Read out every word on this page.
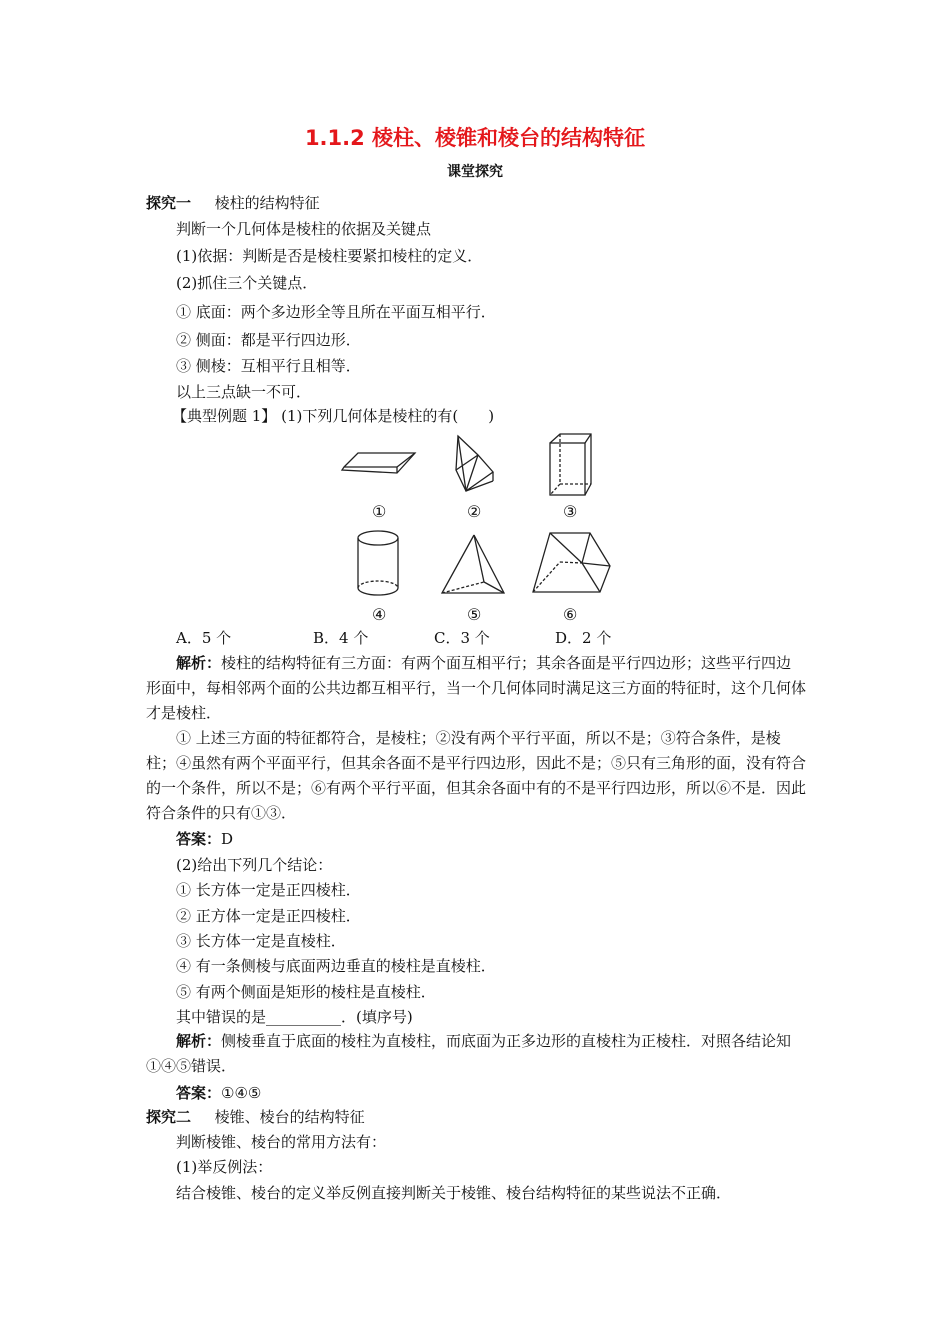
1.1.2 棱柱、棱锥和棱台的结构特征
课堂探究
探究一 棱柱的结构特征
判断一个几何体是棱柱的依据及关键点
(1)依据：判断是否是棱柱要紧扣棱柱的定义．
(2)抓住三个关键点．
① 底面：两个多边形全等且所在平面互相平行．
② 侧面：都是平行四边形．
③ 侧棱：互相平行且相等．
以上三点缺一不可．
【典型例题 1】 (1)下列几何体是棱柱的有(　　)
①	②	③
④	⑤	⑥
A．5 个	B．4 个	C．3 个	D．2 个
解析：棱柱的结构特征有三方面：有两个面互相平行；其余各面是平行四边形；这些平行四边形面中，每相邻两个面的公共边都互相平行，当一个几何体同时满足这三方面的特征时，这个几何体才是棱柱．
① 上述三方面的特征都符合，是棱柱；②没有两个平行平面，所以不是；③符合条件，是棱柱；④虽然有两个平面平行，但其余各面不是平行四边形，因此不是；⑤只有三角形的面，没有符合的一个条件，所以不是；⑥有两个平行平面，但其余各面中有的不是平行四边形，所以⑥不是．因此符合条件的只有①③．
答案：D
(2)给出下列几个结论：
① 长方体一定是正四棱柱．
② 正方体一定是正四棱柱．
③ 长方体一定是直棱柱．
④ 有一条侧棱与底面两边垂直的棱柱是直棱柱．
⑤ 有两个侧面是矩形的棱柱是直棱柱．
其中错误的是__________．(填序号)
解析：侧棱垂直于底面的棱柱为直棱柱，而底面为正多边形的直棱柱为正棱柱．对照各结论知①④⑤错误．
答案：①④⑤
探究二 棱锥、棱台的结构特征
判断棱锥、棱台的常用方法有：
(1)举反例法：
结合棱锥、棱台的定义举反例直接判断关于棱锥、棱台结构特征的某些说法不正确．
